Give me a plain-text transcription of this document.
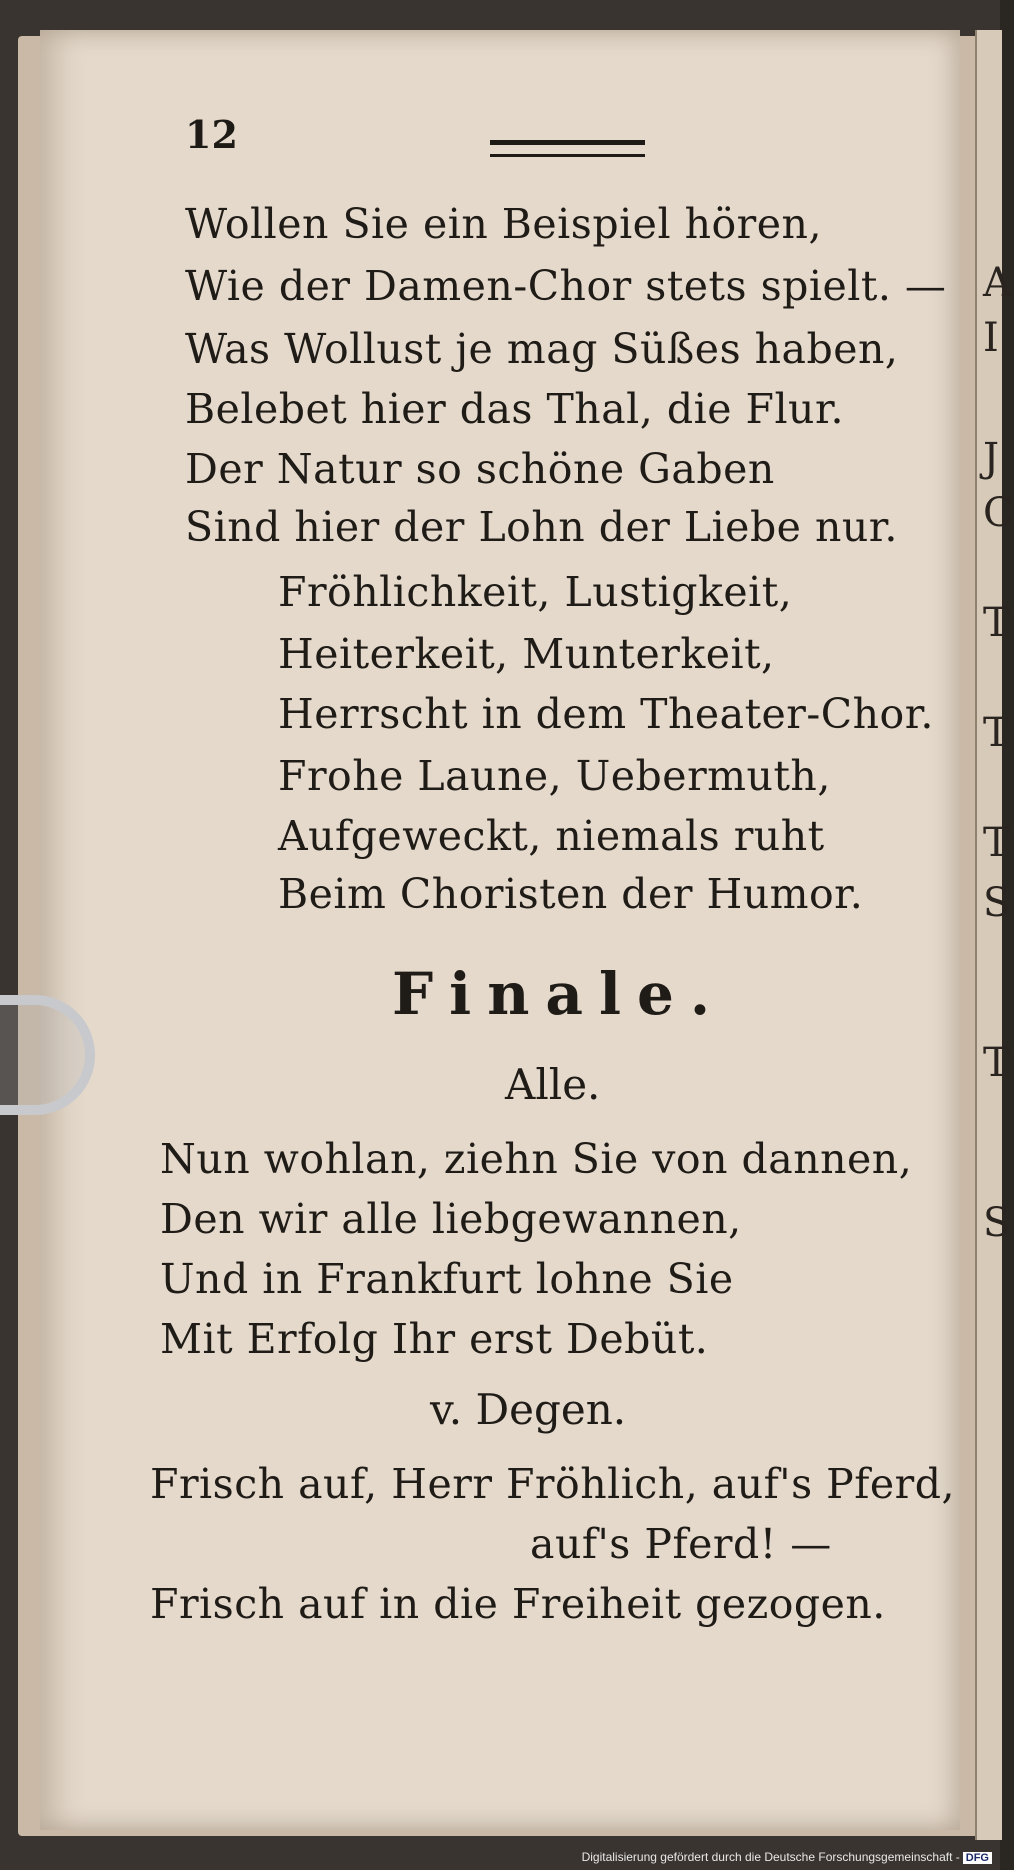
A
I
J
C
T
T
T
S
T
S
12
Wollen Sie ein Beispiel hören,
Wie der Damen-Chor stets spielt. —
Was Wollust je mag Süßes haben,
Belebet hier das Thal, die Flur.
Der Natur so schöne Gaben
Sind hier der Lohn der Liebe nur.
Fröhlichkeit, Lustigkeit,
Heiterkeit, Munterkeit,
Herrscht in dem Theater-Chor.
Frohe Laune, Uebermuth,
Aufgeweckt, niemals ruht
Beim Choristen der Humor.
Finale.
Alle.
Nun wohlan, ziehn Sie von dannen,
Den wir alle liebgewannen,
Und in Frankfurt lohne Sie
Mit Erfolg Ihr erst Debüt.
v. Degen.
Frisch auf, Herr Fröhlich, auf's Pferd,
auf's Pferd! —
Frisch auf in die Freiheit gezogen.
Digitalisierung gefördert durch die Deutsche Forschungsgemeinschaft - DFG
